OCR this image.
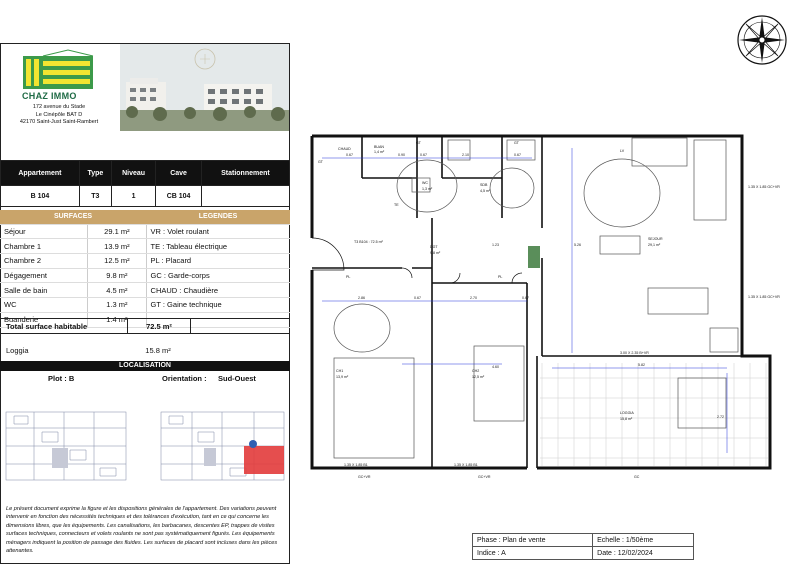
CHAZ IMMO
172 avenue du Stade
Le Cinépôle BAT D
42170 Saint-Just Saint-Rambert
Appartement	Type	Niveau	Cave	Stationnement
B 104	T3	1	CB 104	
SURFACES		LEGENDES
Séjour	29.1 m²	VR : Volet roulant
Chambre 1	13.9 m²	TE : Tableau électrique
Chambre 2	12.5 m²	PL : Placard
Dégagement	9.8 m²	GC : Garde-corps
Salle de bain	4.5 m²	CHAUD : Chaudière
WC	1.3 m²	GT : Gaine technique
Buanderie	1.4 m²	
Total surface habitable	72.5 m²	
Loggia	15.8 m²	
LOCALISATION
Plot : B	Orientation : Sud-Ouest
Le présent document exprime la figure et les dispositions générales de l'appartement. Des variations peuvent intervenir en fonction des nécessités techniques et des tolérances d'exécution, tant en ce qui concerne les dimensions libres, que les équipements. Les canalisations, les barbacanes, descentes EP, trappes de visites surfaces techniques, connecteurs et volets roulants ne sont pas systématiquement figurés. Les équipements ménagers indiquent la position de passage des fluides. Les surfaces de placard sont incluses dans les pièces attenantes.
BUAN
1,4 m²
WC
1,3 m²
SDB
4,5 m²
T3 B104 : 72.5 m²
DGT
9,8 m²
SEJOUR
29,1 m²
CH1
13,9 m²
CH2
12,5 m²
LOGGIA
15,8 m²
GT	GT
GT
CHAUD
PL	PL
TE
LV
GC
GC+VR	GC+VR
1.35 X 1.85 B1	1.35 X 1.85 B1
3.00 X 2.35 B+VR
0.67	0.90	0.67	2.10	0.67
2.86	0.67	2.70	0.67
5.82
2.72
1.23
4.60
5.26
1.35 X 1.85 GC+VR
1.35 X 1.85 GC+VR
Phase : Plan de vente	Echelle : 1/50ème
Indice : A	Date : 12/02/2024
